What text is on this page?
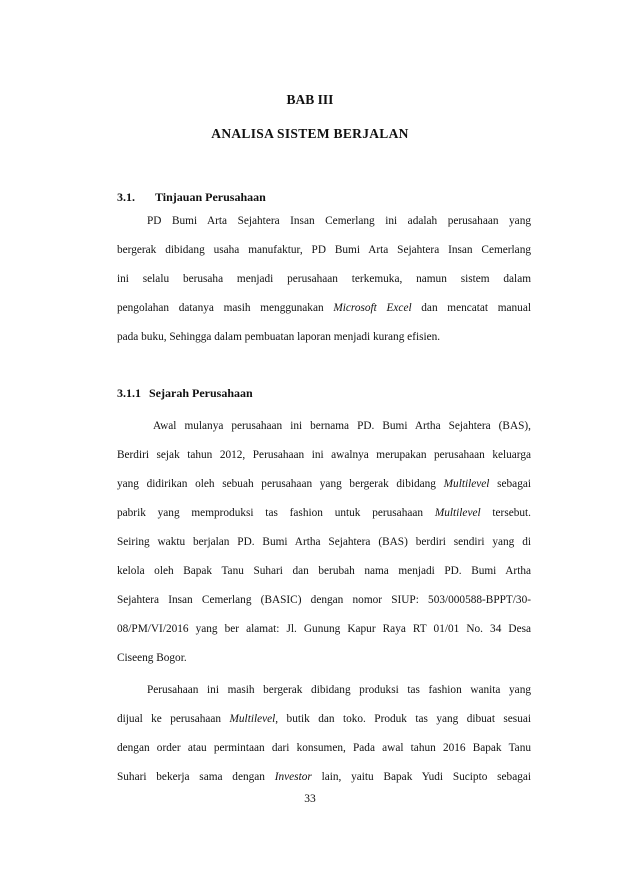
BAB III
ANALISA SISTEM BERJALAN
3.1. Tinjauan Perusahaan
PD Bumi Arta Sejahtera Insan Cemerlang ini adalah perusahaan yang
bergerak dibidang usaha manufaktur, PD Bumi Arta Sejahtera Insan Cemerlang
ini selalu berusaha menjadi perusahaan terkemuka, namun sistem dalam
pengolahan datanya masih menggunakan Microsoft Excel dan mencatat manual
pada buku, Sehingga dalam pembuatan laporan menjadi kurang efisien.
3.1.1 Sejarah Perusahaan
Awal mulanya perusahaan ini bernama PD. Bumi Artha Sejahtera (BAS),
Berdiri sejak tahun 2012, Perusahaan ini awalnya merupakan perusahaan keluarga
yang didirikan oleh sebuah perusahaan yang bergerak dibidang Multilevel sebagai
pabrik yang memproduksi tas fashion untuk perusahaan Multilevel tersebut.
Seiring waktu berjalan PD. Bumi Artha Sejahtera (BAS) berdiri sendiri yang di
kelola oleh Bapak Tanu Suhari dan berubah nama menjadi PD. Bumi Artha
Sejahtera Insan Cemerlang (BASIC) dengan nomor SIUP: 503/000588-BPPT/30-
08/PM/VI/2016 yang ber alamat: Jl. Gunung Kapur Raya RT 01/01 No. 34 Desa
Ciseeng Bogor.
Perusahaan ini masih bergerak dibidang produksi tas fashion wanita yang
dijual ke perusahaan Multilevel, butik dan toko. Produk tas yang dibuat sesuai
dengan order atau permintaan dari konsumen, Pada awal tahun 2016 Bapak Tanu
Suhari bekerja sama dengan Investor lain, yaitu Bapak Yudi Sucipto sebagai
33
